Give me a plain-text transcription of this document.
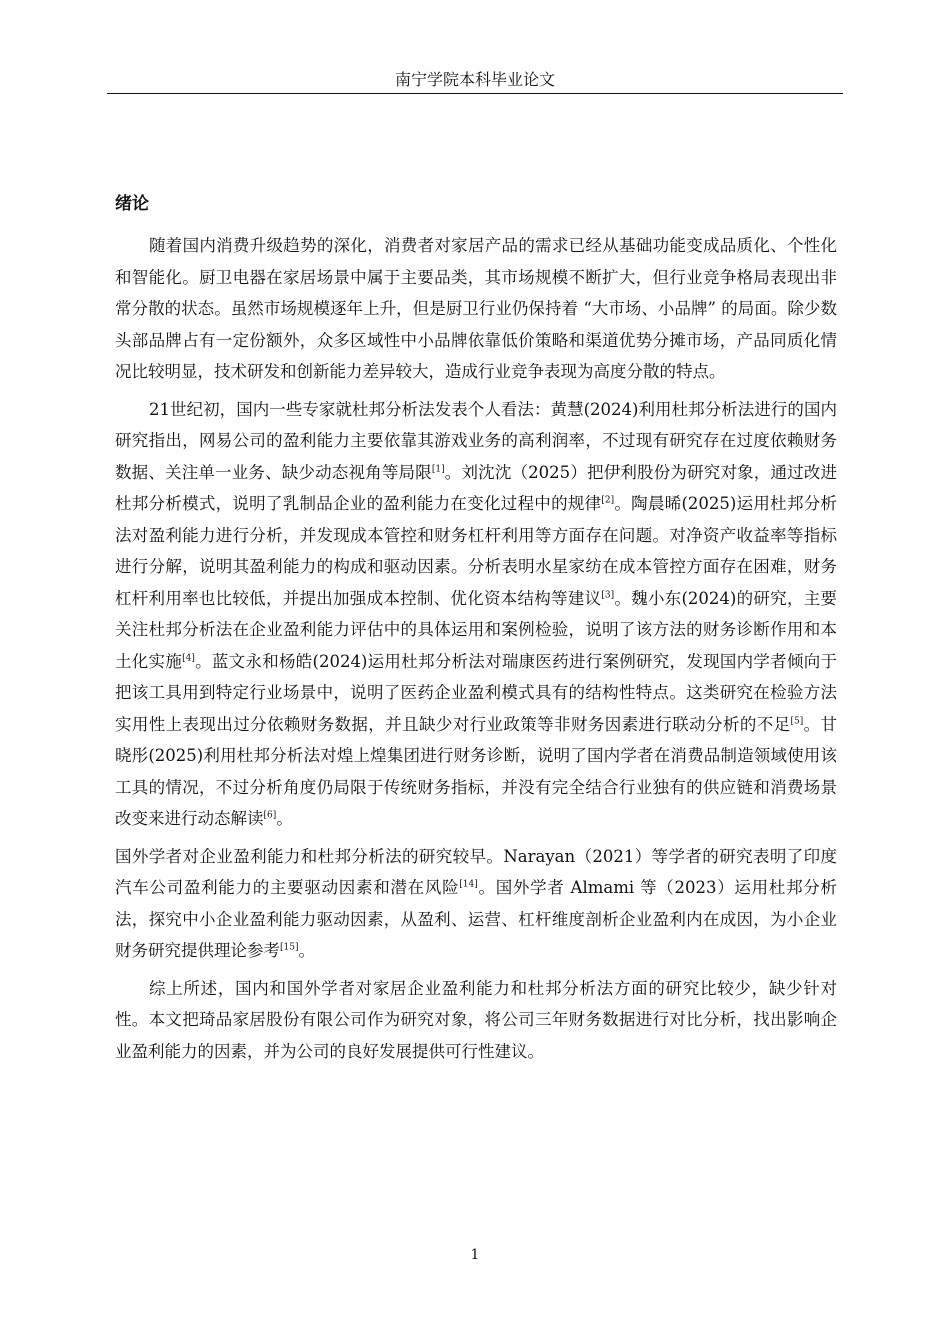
南宁学院本科毕业论文
绪论

随着国内消费升级趋势的深化，消费者对家居产品的需求已经从基础功能变成品质化、个性化和智能化。厨卫电器在家居场景中属于主要品类，其市场规模不断扩大，但行业竞争格局表现出非常分散的状态。虽然市场规模逐年上升，但是厨卫行业仍保持着 “大市场、小品牌” 的局面。除少数头部品牌占有一定份额外，众多区域性中小品牌依靠低价策略和渠道优势分摊市场，产品同质化情况比较明显，技术研发和创新能力差异较大，造成行业竞争表现为高度分散的特点。

21世纪初，国内一些专家就杜邦分析法发表个人看法：黄慧(2024)利用杜邦分析法进行的国内研究指出，网易公司的盈利能力主要依靠其游戏业务的高利润率，不过现有研究存在过度依赖财务数据、关注单一业务、缺少动态视角等局限[1]。刘沈沈（2025）把伊利股份为研究对象，通过改进杜邦分析模式，说明了乳制品企业的盈利能力在变化过程中的规律[2]。陶晨晞(2025)运用杜邦分析法对盈利能力进行分析，并发现成本管控和财务杠杆利用等方面存在问题。对净资产收益率等指标进行分解，说明其盈利能力的构成和驱动因素。分析表明水星家纺在成本管控方面存在困难，财务杠杆利用率也比较低，并提出加强成本控制、优化资本结构等建议[3]。魏小东(2024)的研究，主要关注杜邦分析法在企业盈利能力评估中的具体运用和案例检验，说明了该方法的财务诊断作用和本土化实施[4]。蓝文永和杨皓(2024)运用杜邦分析法对瑞康医药进行案例研究，发现国内学者倾向于把该工具用到特定行业场景中，说明了医药企业盈利模式具有的结构性特点。这类研究在检验方法实用性上表现出过分依赖财务数据，并且缺少对行业政策等非财务因素进行联动分析的不足[5]。甘晓彤(2025)利用杜邦分析法对煌上煌集团进行财务诊断，说明了国内学者在消费品制造领域使用该工具的情况，不过分析角度仍局限于传统财务指标，并没有完全结合行业独有的供应链和消费场景改变来进行动态解读[6]。

国外学者对企业盈利能力和杜邦分析法的研究较早。Narayan（2021）等学者的研究表明了印度汽车公司盈利能力的主要驱动因素和潜在风险[14]。国外学者 Almami 等（2023）运用杜邦分析法，探究中小企业盈利能力驱动因素，从盈利、运营、杠杆维度剖析企业盈利内在成因，为小企业财务研究提供理论参考[15]。

综上所述，国内和国外学者对家居企业盈利能力和杜邦分析法方面的研究比较少，缺少针对性。本文把琦品家居股份有限公司作为研究对象，将公司三年财务数据进行对比分析，找出影响企业盈利能力的因素，并为公司的良好发展提供可行性建议。

1
